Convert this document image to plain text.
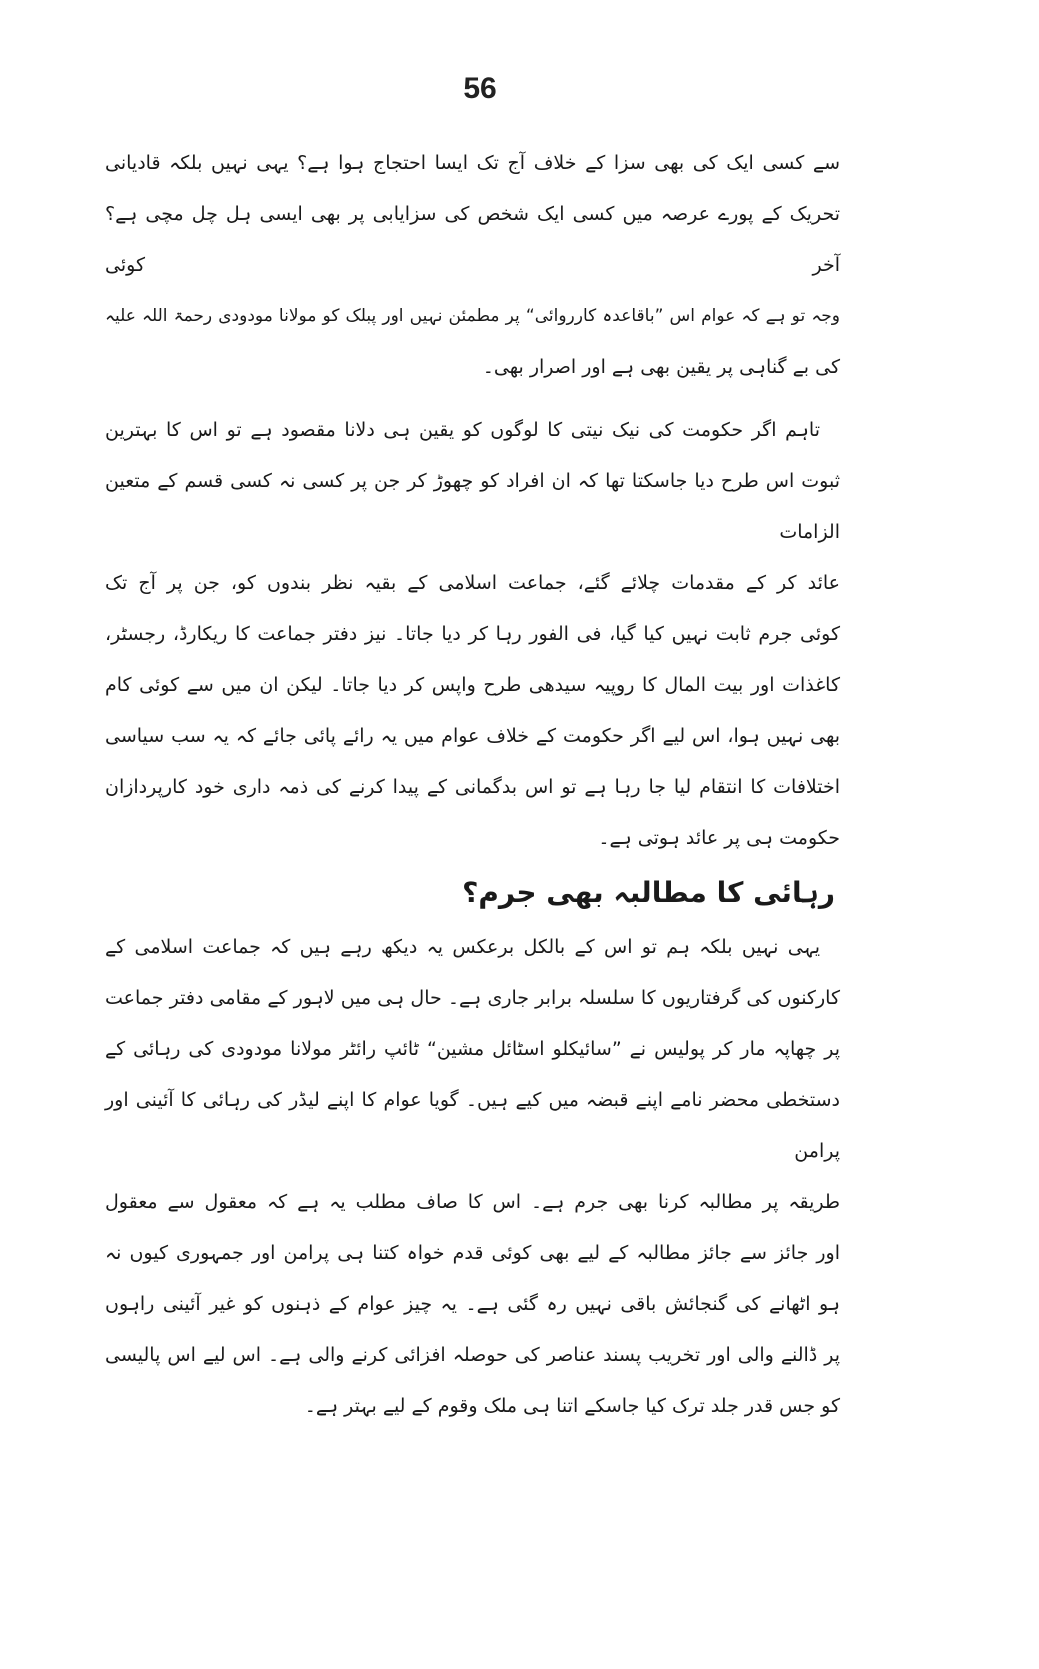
56
سے کسی ایک کی بھی سزا کے خلاف آج تک ایسا احتجاج ہوا ہے؟ یہی نہیں بلکہ قادیانی
تحریک کے پورے عرصہ میں کسی ایک شخص کی سزایابی پر بھی ایسی ہل چل مچی ہے؟ آخر کوئی
وجہ تو ہے کہ عوام اس ”باقاعدہ کارروائی“ پر مطمئن نہیں اور پبلک کو مولانا مودودی رحمۃ اللہ علیہ
کی بے گناہی پر یقین بھی ہے اور اصرار بھی۔
تاہم اگر حکومت کی نیک نیتی کا لوگوں کو یقین ہی دلانا مقصود ہے تو اس کا بہترین
ثبوت اس طرح دیا جاسکتا تھا کہ ان افراد کو چھوڑ کر جن پر کسی نہ کسی قسم کے متعین الزامات
عائد کر کے مقدمات چلائے گئے، جماعت اسلامی کے بقیہ نظر بندوں کو، جن پر آج تک
کوئی جرم ثابت نہیں کیا گیا، فی الفور رہا کر دیا جاتا۔ نیز دفتر جماعت کا ریکارڈ، رجسٹر،
کاغذات اور بیت المال کا روپیہ سیدھی طرح واپس کر دیا جاتا۔ لیکن ان میں سے کوئی کام
بھی نہیں ہوا، اس لیے اگر حکومت کے خلاف عوام میں یہ رائے پائی جائے کہ یہ سب سیاسی
اختلافات کا انتقام لیا جا رہا ہے تو اس بدگمانی کے پیدا کرنے کی ذمہ داری خود کارپردازان
حکومت ہی پر عائد ہوتی ہے۔
رہائی کا مطالبہ بھی جرم؟
یہی نہیں بلکہ ہم تو اس کے بالکل برعکس یہ دیکھ رہے ہیں کہ جماعت اسلامی کے
کارکنوں کی گرفتاریوں کا سلسلہ برابر جاری ہے۔ حال ہی میں لاہور کے مقامی دفتر جماعت
پر چھاپہ مار کر پولیس نے ”سائیکلو اسٹائل مشین“ ٹائپ رائٹر مولانا مودودی کی رہائی کے
دستخطی محضر نامے اپنے قبضہ میں کیے ہیں۔ گویا عوام کا اپنے لیڈر کی رہائی کا آئینی اور پرامن
طریقہ پر مطالبہ کرنا بھی جرم ہے۔ اس کا صاف مطلب یہ ہے کہ معقول سے معقول
اور جائز سے جائز مطالبہ کے لیے بھی کوئی قدم خواہ کتنا ہی پرامن اور جمہوری کیوں نہ
ہو اٹھانے کی گنجائش باقی نہیں رہ گئی ہے۔ یہ چیز عوام کے ذہنوں کو غیر آئینی راہوں
پر ڈالنے والی اور تخریب پسند عناصر کی حوصلہ افزائی کرنے والی ہے۔ اس لیے اس پالیسی
کو جس قدر جلد ترک کیا جاسکے اتنا ہی ملک وقوم کے لیے بہتر ہے۔
